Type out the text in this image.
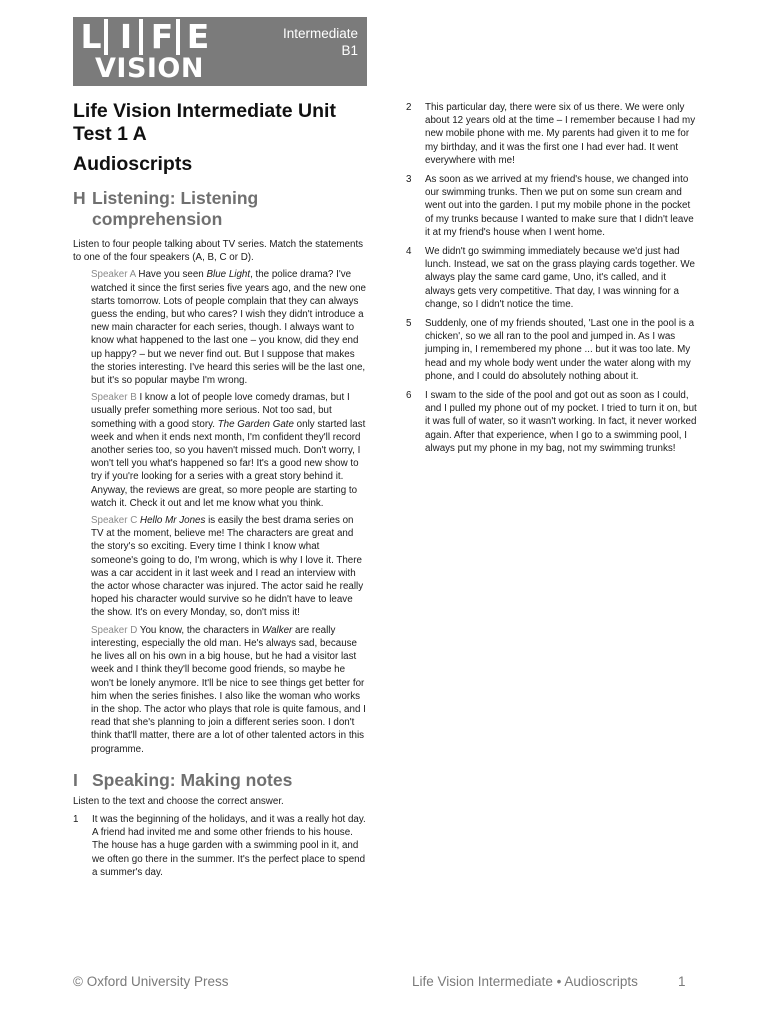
L I F E
VISION
Intermediate
B1
Life Vision Intermediate Unit Test 1 A
Audioscripts
H Listening: Listening comprehension
Listen to four people talking about TV series. Match the statements to one of the four speakers (A, B, C or D).
Speaker A Have you seen Blue Light, the police drama? I've watched it since the first series five years ago, and the new one starts tomorrow. Lots of people complain that they can always guess the ending, but who cares? I wish they didn't introduce a new main character for each series, though. I always want to know what happened to the last one – you know, did they end up happy? – but we never find out. But I suppose that makes the stories interesting. I've heard this series will be the last one, but it's so popular maybe I'm wrong.
Speaker B I know a lot of people love comedy dramas, but I usually prefer something more serious. Not too sad, but something with a good story. The Garden Gate only started last week and when it ends next month, I'm confident they'll record another series too, so you haven't missed much. Don't worry, I won't tell you what's happened so far! It's a good new show to try if you're looking for a series with a great story behind it. Anyway, the reviews are great, so more people are starting to watch it. Check it out and let me know what you think.
Speaker C Hello Mr Jones is easily the best drama series on TV at the moment, believe me! The characters are great and the story's so exciting. Every time I think I know what someone's going to do, I'm wrong, which is why I love it. There was a car accident in it last week and I read an interview with the actor whose character was injured. The actor said he really hoped his character would survive so he didn't have to leave the show. It's on every Monday, so, don't miss it!
Speaker D You know, the characters in Walker are really interesting, especially the old man. He's always sad, because he lives all on his own in a big house, but he had a visitor last week and I think they'll become good friends, so maybe he won't be lonely anymore. It'll be nice to see things get better for him when the series finishes. I also like the woman who works in the shop. The actor who plays that role is quite famous, and I read that she's planning to join a different series soon. I don't think that'll matter, there are a lot of other talented actors in this programme.
I Speaking: Making notes
Listen to the text and choose the correct answer.
1 It was the beginning of the holidays, and it was a really hot day. A friend had invited me and some other friends to his house. The house has a huge garden with a swimming pool in it, and we often go there in the summer. It's the perfect place to spend a summer's day.
2 This particular day, there were six of us there. We were only about 12 years old at the time – I remember because I had my new mobile phone with me. My parents had given it to me for my birthday, and it was the first one I had ever had. It went everywhere with me!
3 As soon as we arrived at my friend's house, we changed into our swimming trunks. Then we put on some sun cream and went out into the garden. I put my mobile phone in the pocket of my trunks because I wanted to make sure that I didn't leave it at my friend's house when I went home.
4 We didn't go swimming immediately because we'd just had lunch. Instead, we sat on the grass playing cards together. We always play the same card game, Uno, it's called, and it always gets very competitive. That day, I was winning for a change, so I didn't notice the time.
5 Suddenly, one of my friends shouted, 'Last one in the pool is a chicken', so we all ran to the pool and jumped in. As I was jumping in, I remembered my phone ... but it was too late. My head and my whole body went under the water along with my phone, and I could do absolutely nothing about it.
6 I swam to the side of the pool and got out as soon as I could, and I pulled my phone out of my pocket. I tried to turn it on, but it was full of water, so it wasn't working. In fact, it never worked again. After that experience, when I go to a swimming pool, I always put my phone in my bag, not my swimming trunks!
© Oxford University Press	Life Vision Intermediate • Audioscripts	1
